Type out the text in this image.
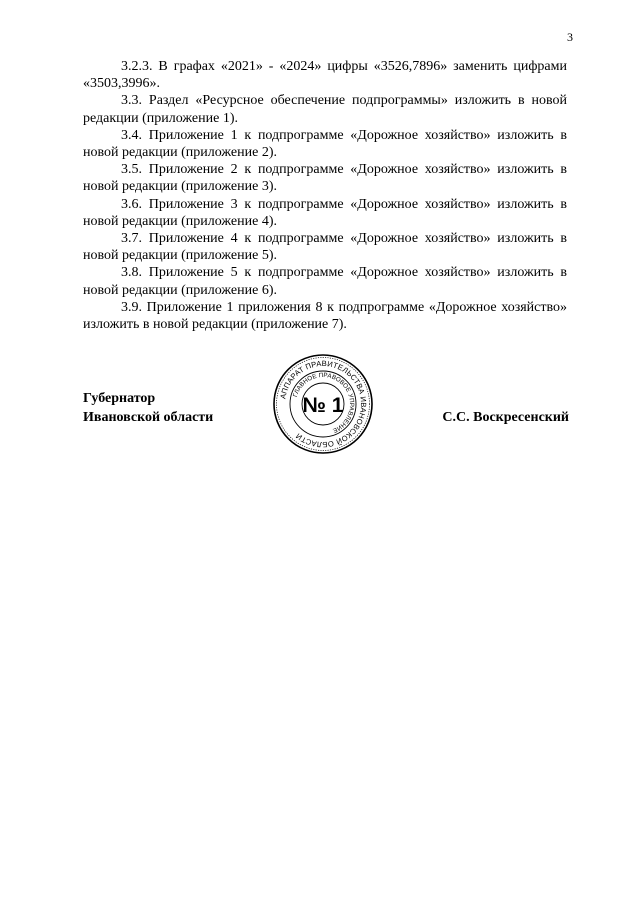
3

3.2.3. В графах «2021» - «2024» цифры «3526,7896» заменить цифрами «3503,3996».

3.3. Раздел «Ресурсное обеспечение подпрограммы» изложить в новой редакции (приложение 1).

3.4. Приложение 1 к подпрограмме «Дорожное хозяйство» изложить в новой редакции (приложение 2).

3.5. Приложение 2 к подпрограмме «Дорожное хозяйство» изложить в новой редакции (приложение 3).

3.6. Приложение 3 к подпрограмме «Дорожное хозяйство» изложить в новой редакции (приложение 4).

3.7. Приложение 4 к подпрограмме «Дорожное хозяйство» изложить в новой редакции (приложение 5).

3.8. Приложение 5 к подпрограмме «Дорожное хозяйство» изложить в новой редакции (приложение 6).

3.9. Приложение 1 приложения 8 к подпрограмме «Дорожное хозяйство» изложить в новой редакции (приложение 7).

Губернатор
Ивановской области
АППАРАТ ПРАВИТЕЛЬСТВА ИВАНОВСКОЙ ОБЛАСТИ
ГЛАВНОЕ ПРАВОВОЕ УПРАВЛЕНИЕ
№ 1
С.С. Воскресенский
